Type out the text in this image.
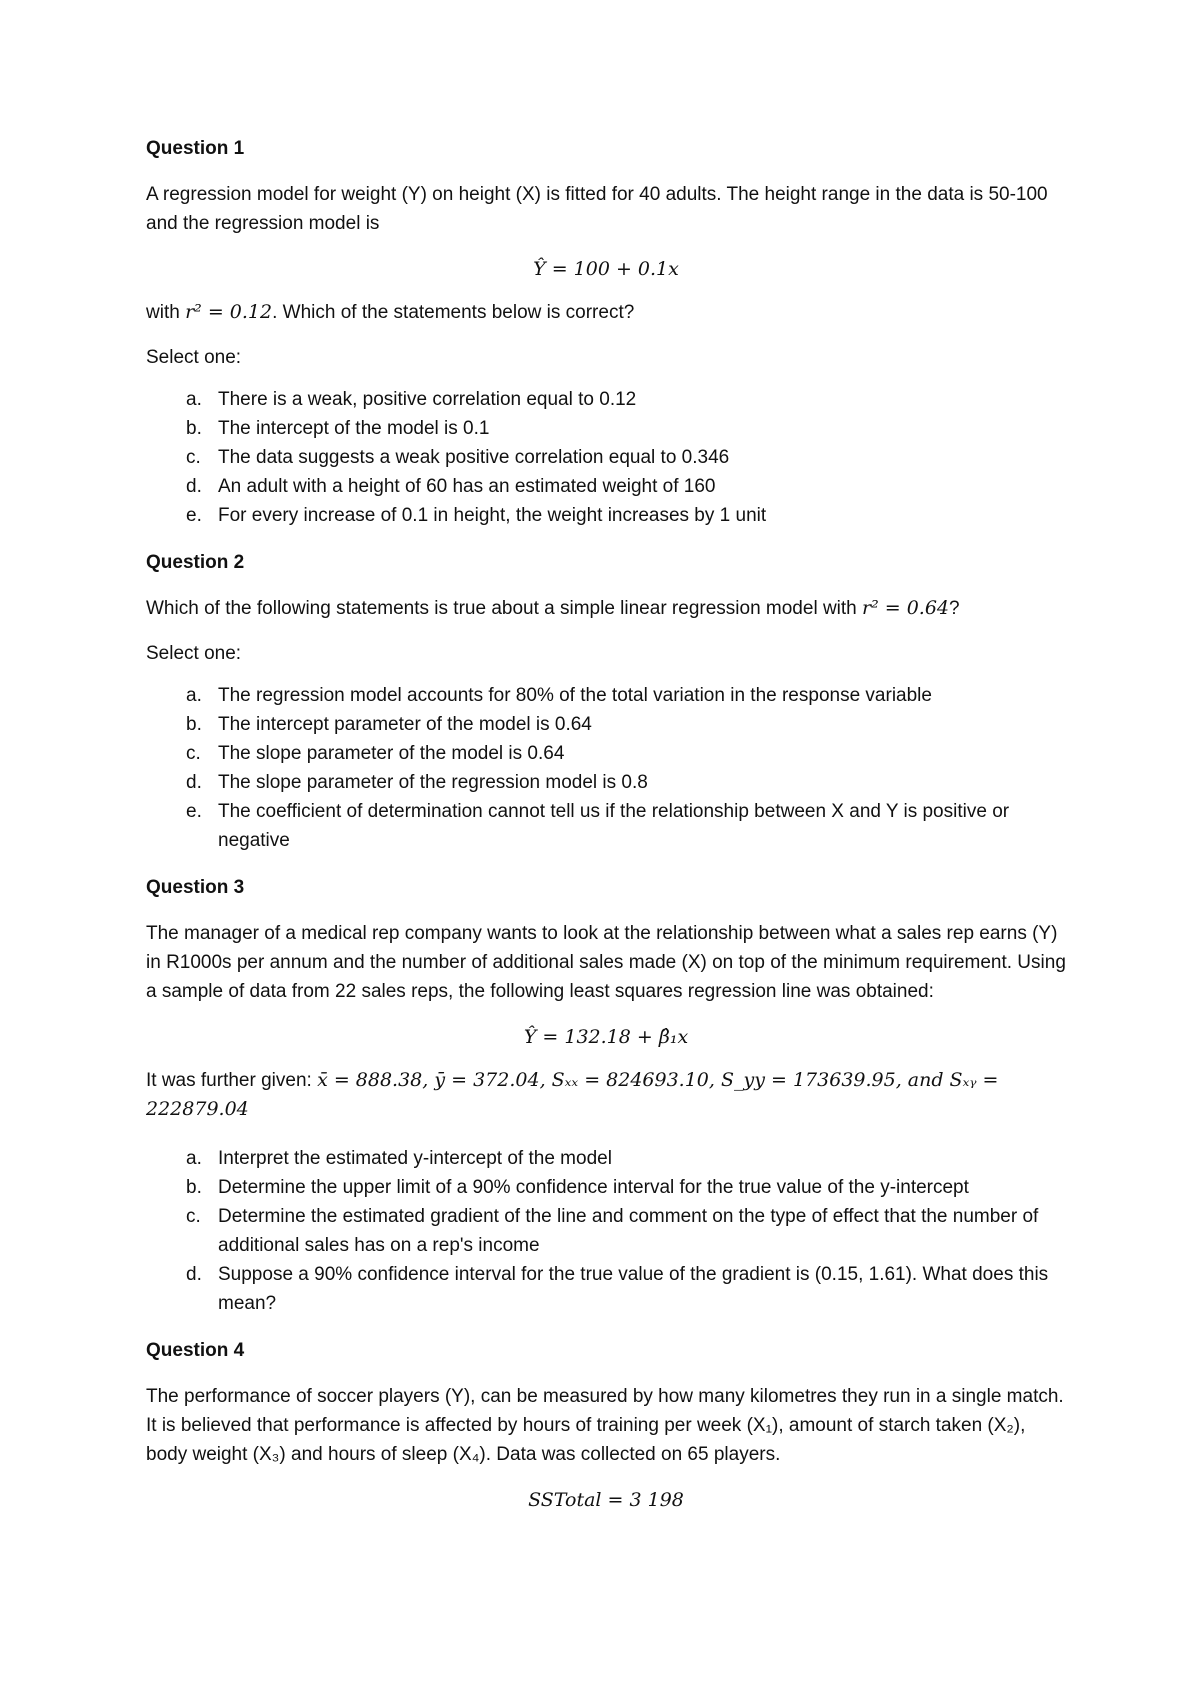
Question 1
A regression model for weight (Y) on height (X) is fitted for 40 adults. The height range in the data is 50-100 and the regression model is
Ŷ = 100 + 0.1x
with r² = 0.12. Which of the statements below is correct?
Select one:
a. There is a weak, positive correlation equal to 0.12
b. The intercept of the model is 0.1
c. The data suggests a weak positive correlation equal to 0.346
d. An adult with a height of 60 has an estimated weight of 160
e. For every increase of 0.1 in height, the weight increases by 1 unit
Question 2
Which of the following statements is true about a simple linear regression model with r² = 0.64?
Select one:
a. The regression model accounts for 80% of the total variation in the response variable
b. The intercept parameter of the model is 0.64
c. The slope parameter of the model is 0.64
d. The slope parameter of the regression model is 0.8
e. The coefficient of determination cannot tell us if the relationship between X and Y is positive or negative
Question 3
The manager of a medical rep company wants to look at the relationship between what a sales rep earns (Y) in R1000s per annum and the number of additional sales made (X) on top of the minimum requirement. Using a sample of data from 22 sales reps, the following least squares regression line was obtained:
Ŷ = 132.18 + β̂₁x
It was further given: x̄ = 888.38, ȳ = 372.04, Sₓₓ = 824693.10, S_yy = 173639.95, and Sₓᵧ = 222879.04
a. Interpret the estimated y-intercept of the model
b. Determine the upper limit of a 90% confidence interval for the true value of the y-intercept
c. Determine the estimated gradient of the line and comment on the type of effect that the number of additional sales has on a rep's income
d. Suppose a 90% confidence interval for the true value of the gradient is (0.15, 1.61). What does this mean?
Question 4
The performance of soccer players (Y), can be measured by how many kilometres they run in a single match. It is believed that performance is affected by hours of training per week (X₁), amount of starch taken (X₂), body weight (X₃) and hours of sleep (X₄). Data was collected on 65 players.
SSTotal = 3 198
